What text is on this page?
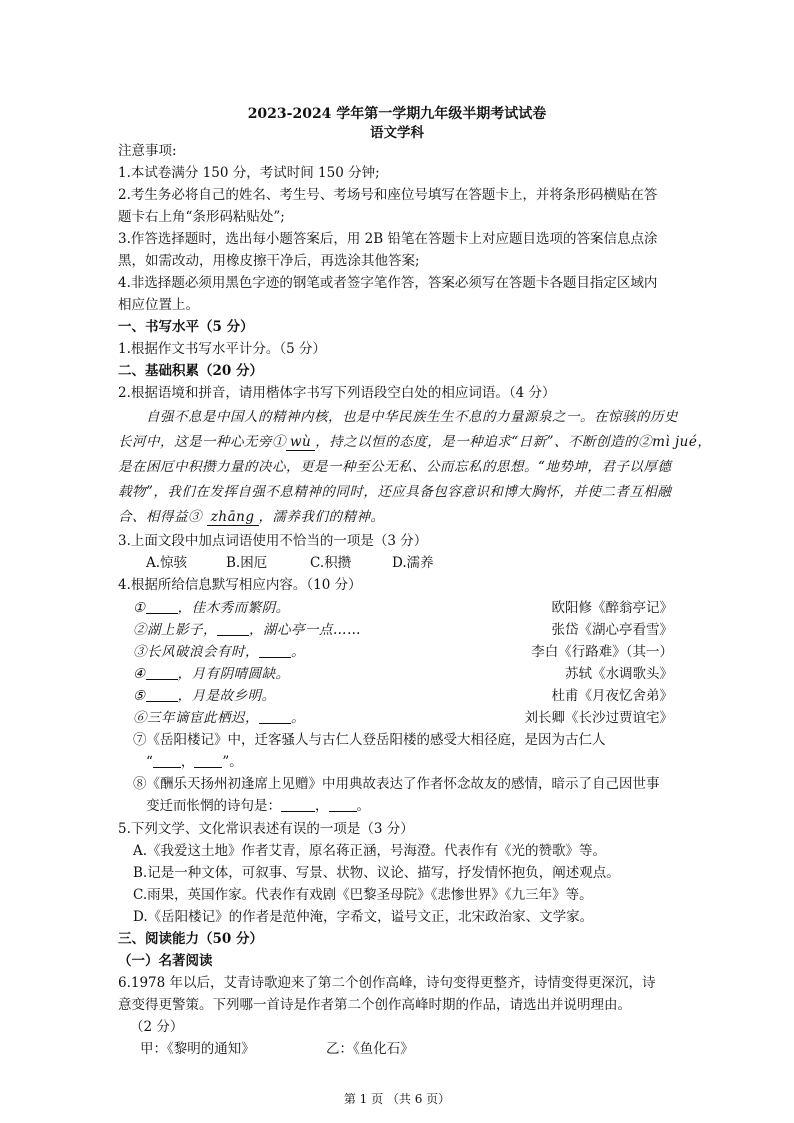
2023-2024 学年第一学期九年级半期考试试卷
语文学科
注意事项:
1.本试卷满分 150 分，考试时间 150 分钟;
2.考生务必将自己的姓名、考生号、考场号和座位号填写在答题卡上，并将条形码横贴在答
题卡右上角“条形码粘贴处”;
3.作答选择题时，选出每小题答案后，用 2B 铅笔在答题卡上对应题目选项的答案信息点涂
黑，如需改动，用橡皮擦干净后，再选涂其他答案;
4.非选择题必须用黑色字迹的钢笔或者签字笔作答，答案必须写在答题卡各题目指定区域内
相应位置上。
一、书写水平（5 分）
1.根据作文书写水平计分。（5 分）
二、基础积累（20 分）
2.根据语境和拼音，请用楷体字书写下列语段空白处的相应词语。（4 分）
自强不息是中国人的精神内核，也是中华民族生生不息的力量源泉之一。在惊骇的历史
长河中，这是一种心无旁① wù ，持之以恒的态度，是一种追求“日新”、不断创造的②mì jué，
是在困厄中积攒力量的决心，更是一种至公无私、公而忘私的思想。“地势坤，君子以厚德
载物”，我们在发挥自强不息精神的同时，还应具备包容意识和博大胸怀，并使二者互相融
合、相得益③ zhāng ，濡养我们的精神。
3.上面文段中加点词语使用不恰当的一项是（3 分）
A.惊骇	B.困厄	C.积攒	D.濡养
4.根据所给信息默写相应内容。（10 分）
① ，佳木秀而繁阴。	欧阳修《醉翁亭记》
②湖上影子， ，湖心亭一点……	张岱《湖心亭看雪》
③长风破浪会有时， 。	李白《行路难》（其一）
④ ，月有阴晴圆缺。	苏轼《水调歌头》
⑤ ，月是故乡明。	杜甫《月夜忆舍弟》
⑥三年谪宦此栖迟， 。	刘长卿《长沙过贾谊宅》
⑦《岳阳楼记》中，迁客骚人与古仁人登岳阳楼的感受大相径庭，是因为古仁人
“ ， ”。
⑧《酬乐天扬州初逢席上见赠》中用典故表达了作者怀念故友的感情，暗示了自己因世事
变迁而怅惘的诗句是：	， 。
5.下列文学、文化常识表述有误的一项是（3 分）
A.《我爱这土地》作者艾青，原名蒋正涵，号海澄。代表作有《光的赞歌》等。
B.记是一种文体，可叙事、写景、状物、议论、描写，抒发情怀抱负，阐述观点。
C.雨果，英国作家。代表作有戏剧《巴黎圣母院》《悲惨世界》《九三年》等。
D.《岳阳楼记》的作者是范仲淹，字希文，谥号文正，北宋政治家、文学家。
三、阅读能力（50 分）
（一）名著阅读
6.1978 年以后，艾青诗歌迎来了第二个创作高峰，诗句变得更整齐，诗情变得更深沉，诗
意变得更警策。下列哪一首诗是作者第二个创作高峰时期的作品，请选出并说明理由。
（2 分）
甲：《黎明的通知》	乙：《鱼化石》
第 1 页 （共 6 页）
